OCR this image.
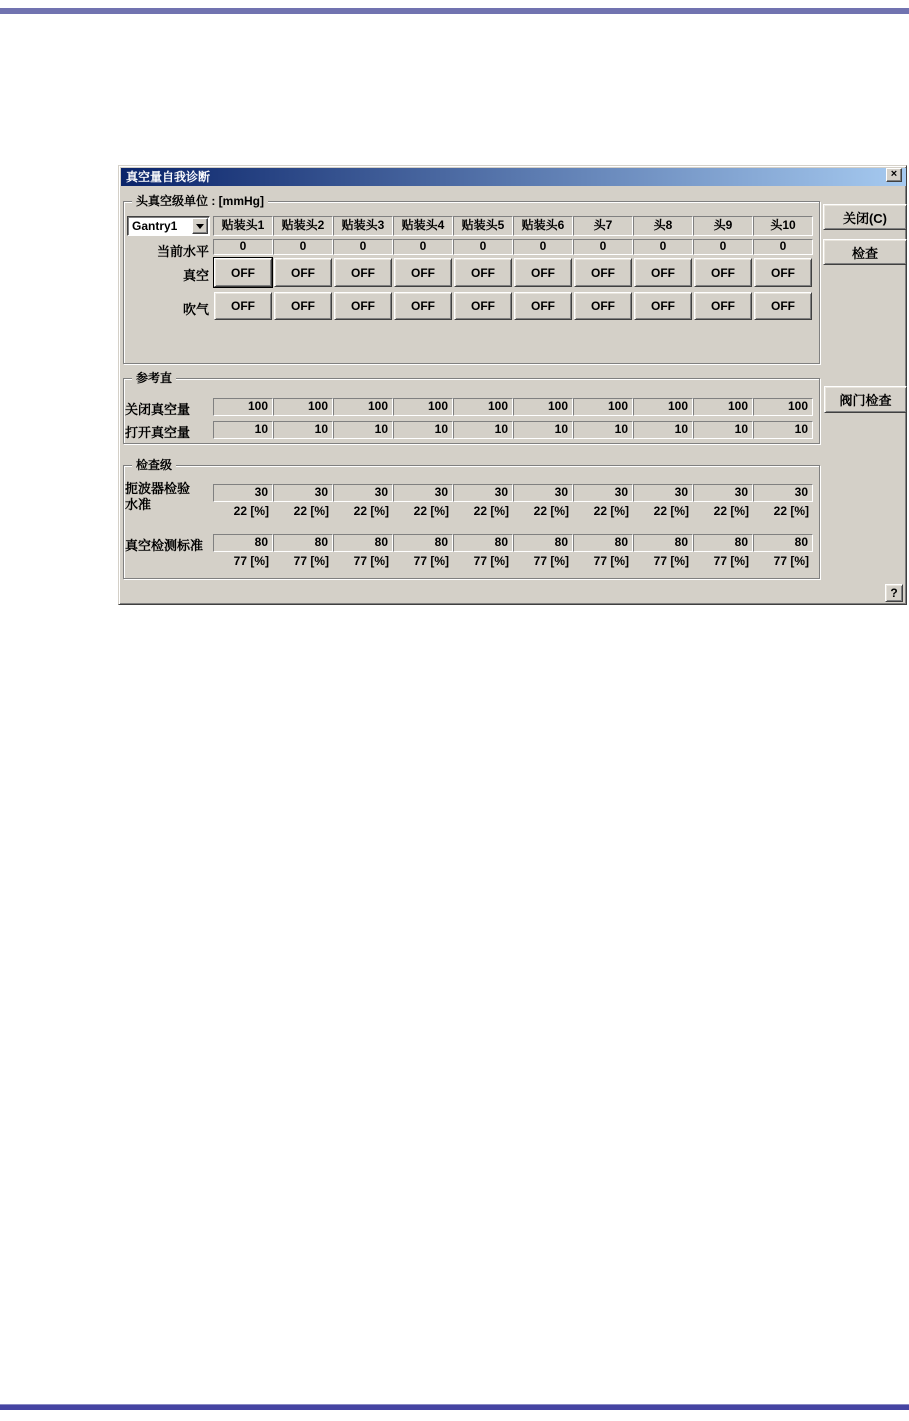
真空量自我诊断	×
头真空级单位 : [mmHg]
Gantry1	贴装头1	贴装头2	贴装头3	贴装头4	贴装头5	贴装头6	头7	头8	头9	头10
当前水平	0	0	0	0	0	0	0	0	0	0
真空	OFF	OFF	OFF	OFF	OFF	OFF	OFF	OFF	OFF	OFF
吹气	OFF	OFF	OFF	OFF	OFF	OFF	OFF	OFF	OFF	OFF
参考直
关闭真空量	100	100	100	100	100	100	100	100	100	100
打开真空量	10	10	10	10	10	10	10	10	10	10
检查级
扼波器检验
水准
30	30	30	30	30	30	30	30	30	30
22 [%]	22 [%]	22 [%]	22 [%]	22 [%]	22 [%]	22 [%]	22 [%]	22 [%]	22 [%]
真空检测标准	80	80	80	80	80	80	80	80	80	80
77 [%]	77 [%]	77 [%]	77 [%]	77 [%]	77 [%]	77 [%]	77 [%]	77 [%]	77 [%]
关闭(C)
检查
阀门检查
?
